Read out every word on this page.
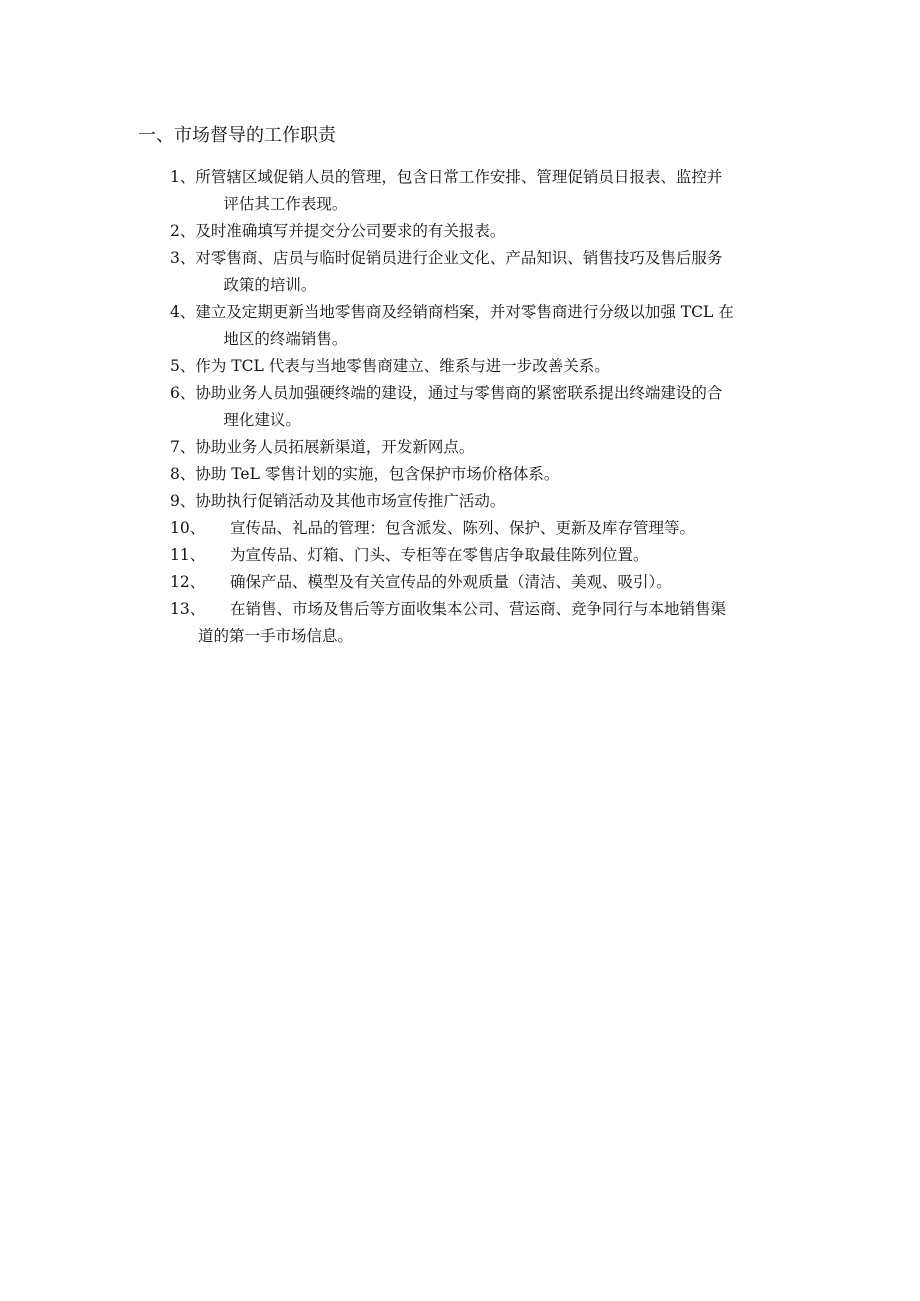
一、市场督导的工作职责
1、 所管辖区域促销人员的管理，包含日常工作安排、管理促销员日报表、监控并
评估其工作表现。
2、 及时准确填写并提交分公司要求的有关报表。
3、 对零售商、店员与临时促销员进行企业文化、产品知识、销售技巧及售后服务
政策的培训。
4、 建立及定期更新当地零售商及经销商档案，并对零售商进行分级以加强 TCL 在
地区的终端销售。
5、 作为 TCL 代表与当地零售商建立、维系与进一步改善关系。
6、 协助业务人员加强硬终端的建设，通过与零售商的紧密联系提出终端建设的合
理化建议。
7、 协助业务人员拓展新渠道，开发新网点。
8、 协助 TeL 零售计划的实施，包含保护市场价格体系。
9、 协助执行促销活动及其他市场宣传推广活动。
10、	宣传品、礼品的管理：包含派发、陈列、保护、更新及库存管理等。
11、	为宣传品、灯箱、门头、专柜等在零售店争取最佳陈列位置。
12、	确保产品、模型及有关宣传品的外观质量（清洁、美观、吸引）。
13、	在销售、市场及售后等方面收集本公司、营运商、竞争同行与本地销售渠
道的第一手市场信息。
